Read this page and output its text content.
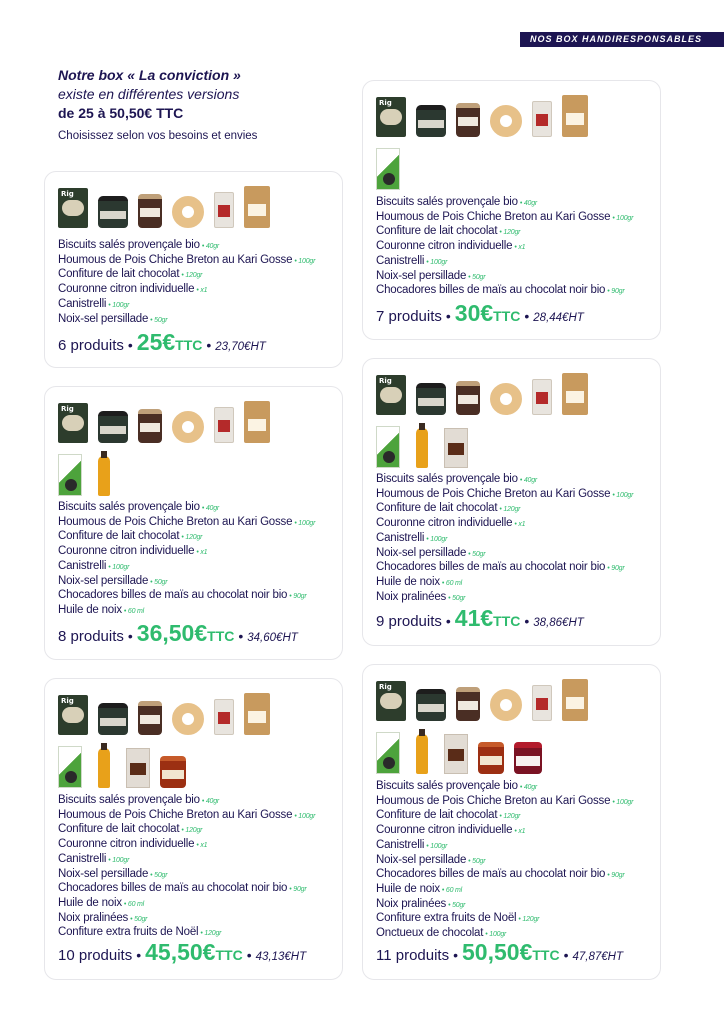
NOS BOX HANDIRESPONSABLES
Notre box « La conviction »
existe en différentes versions
de 25 à 50,50€ TTC
Choisissez selon vos besoins et envies
Rig
Biscuits salés provençale bio • 40gr
Houmous de Pois Chiche Breton au Kari Gosse • 100gr
Confiture de lait chocolat • 120gr
Couronne citron individuelle • x1
Canistrelli • 100gr
Noix-sel persillade • 50gr
6 produits • 25€ TTC • 23,70€HT
Rig
Biscuits salés provençale bio • 40gr
Houmous de Pois Chiche Breton au Kari Gosse • 100gr
Confiture de lait chocolat • 120gr
Couronne citron individuelle • x1
Canistrelli • 100gr
Noix-sel persillade • 50gr
Chocadores billes de maïs au chocolat noir bio • 90gr
7 produits • 30€ TTC • 28,44€HT
Rig
Biscuits salés provençale bio • 40gr
Houmous de Pois Chiche Breton au Kari Gosse • 100gr
Confiture de lait chocolat • 120gr
Couronne citron individuelle • x1
Canistrelli • 100gr
Noix-sel persillade • 50gr
Chocadores billes de maïs au chocolat noir bio • 90gr
Huile de noix • 60 ml
8 produits • 36,50€ TTC • 34,60€HT
Rig
Biscuits salés provençale bio • 40gr
Houmous de Pois Chiche Breton au Kari Gosse • 100gr
Confiture de lait chocolat • 120gr
Couronne citron individuelle • x1
Canistrelli • 100gr
Noix-sel persillade • 50gr
Chocadores billes de maïs au chocolat noir bio • 90gr
Huile de noix • 60 ml
Noix pralinées • 50gr
9 produits • 41€ TTC • 38,86€HT
Rig
Biscuits salés provençale bio • 40gr
Houmous de Pois Chiche Breton au Kari Gosse • 100gr
Confiture de lait chocolat • 120gr
Couronne citron individuelle • x1
Canistrelli • 100gr
Noix-sel persillade • 50gr
Chocadores billes de maïs au chocolat noir bio • 90gr
Huile de noix • 60 ml
Noix pralinées • 50gr
Confiture extra fruits de Noël • 120gr
10 produits • 45,50€ TTC • 43,13€HT
Rig
Biscuits salés provençale bio • 40gr
Houmous de Pois Chiche Breton au Kari Gosse • 100gr
Confiture de lait chocolat • 120gr
Couronne citron individuelle • x1
Canistrelli • 100gr
Noix-sel persillade • 50gr
Chocadores billes de maïs au chocolat noir bio • 90gr
Huile de noix • 60 ml
Noix pralinées • 50gr
Confiture extra fruits de Noël • 120gr
Onctueux de chocolat • 100gr
11 produits • 50,50€ TTC • 47,87€HT
